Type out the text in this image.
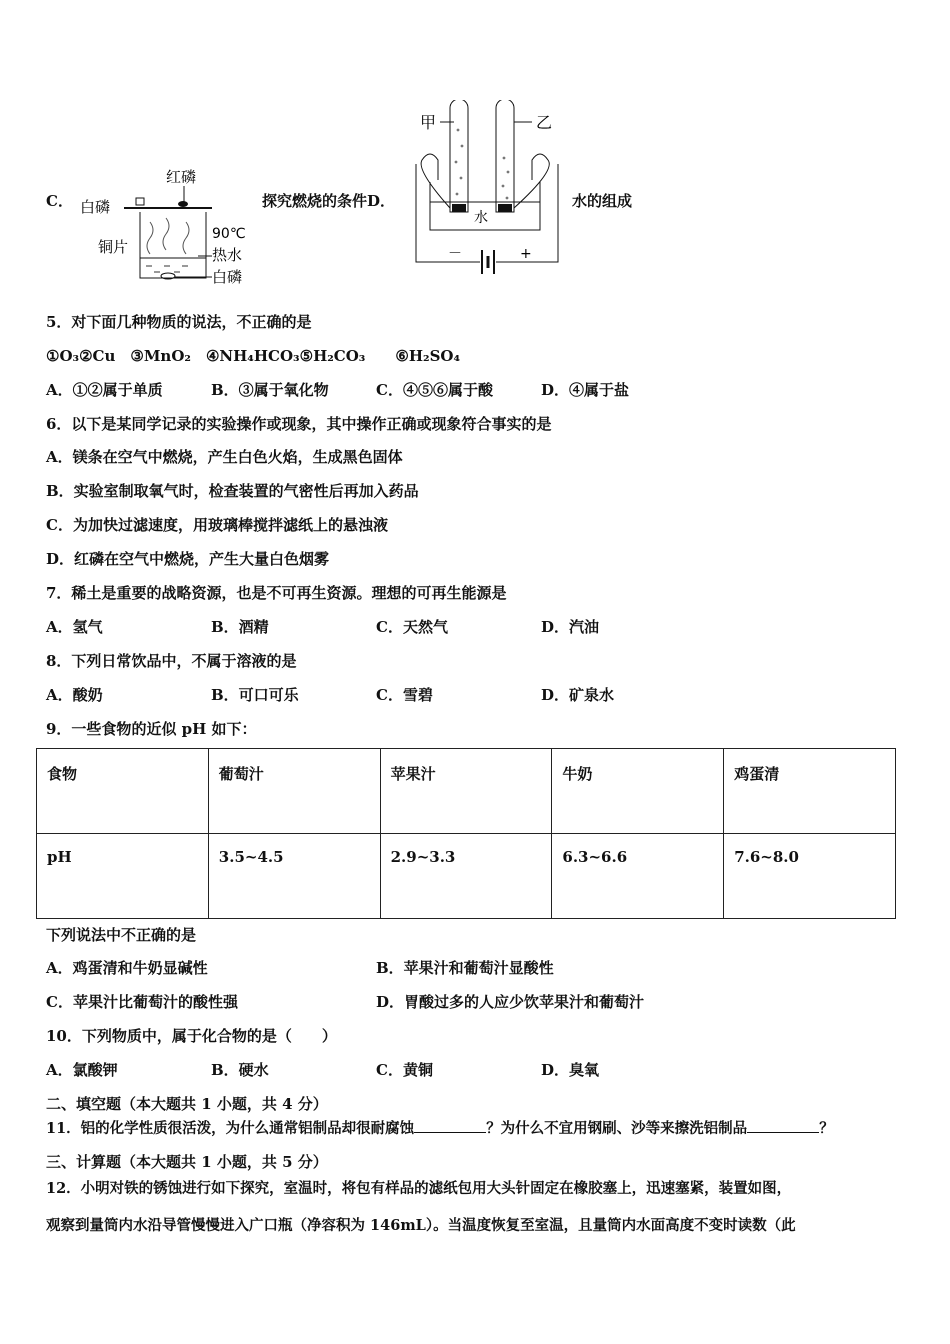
C．
红磷
白磷
铜片
90℃
热水
白磷
探究燃烧的条件D．
甲	乙
水
－	+
水的组成
5．对下面几种物质的说法，不正确的是
①O₃②Cu　③MnO₂　④NH₄HCO₃⑤H₂CO₃　　⑥H₂SO₄
A．①②属于单质	B．③属于氧化物	C．④⑤⑥属于酸	D．④属于盐
6．以下是某同学记录的实验操作或现象，其中操作正确或现象符合事实的是
A．镁条在空气中燃烧，产生白色火焰，生成黑色固体
B．实验室制取氧气时，检查装置的气密性后再加入药品
C．为加快过滤速度，用玻璃棒搅拌滤纸上的悬浊液
D．红磷在空气中燃烧，产生大量白色烟雾
7．稀土是重要的战略资源，也是不可再生资源。理想的可再生能源是
A．氢气	B．酒精	C．天然气	D．汽油
8．下列日常饮品中，不属于溶液的是
A．酸奶	B．可口可乐	C．雪碧	D．矿泉水
9．一些食物的近似 pH 如下：
食物	葡萄汁	苹果汁	牛奶	鸡蛋清
pH	3.5~4.5	2.9~3.3	6.3~6.6	7.6~8.0
下列说法中不正确的是
A．鸡蛋清和牛奶显碱性	B．苹果汁和葡萄汁显酸性
C．苹果汁比葡萄汁的酸性强	D．胃酸过多的人应少饮苹果汁和葡萄汁
10．下列物质中，属于化合物的是（　　）
A．氯酸钾	B．硬水	C．黄铜	D．臭氧
二、填空题（本大题共 1 小题，共 4 分）
11．铝的化学性质很活泼，为什么通常铝制品却很耐腐蚀	？为什么不宜用钢刷、沙等来擦洗铝制品	？
三、计算题（本大题共 1 小题，共 5 分）
12．小明对铁的锈蚀进行如下探究，室温时，将包有样品的滤纸包用大头针固定在橡胶塞上，迅速塞紧，装置如图，
观察到量筒内水沿导管慢慢进入广口瓶（净容积为 146mL）。当温度恢复至室温，且量筒内水面高度不变时读数（此
